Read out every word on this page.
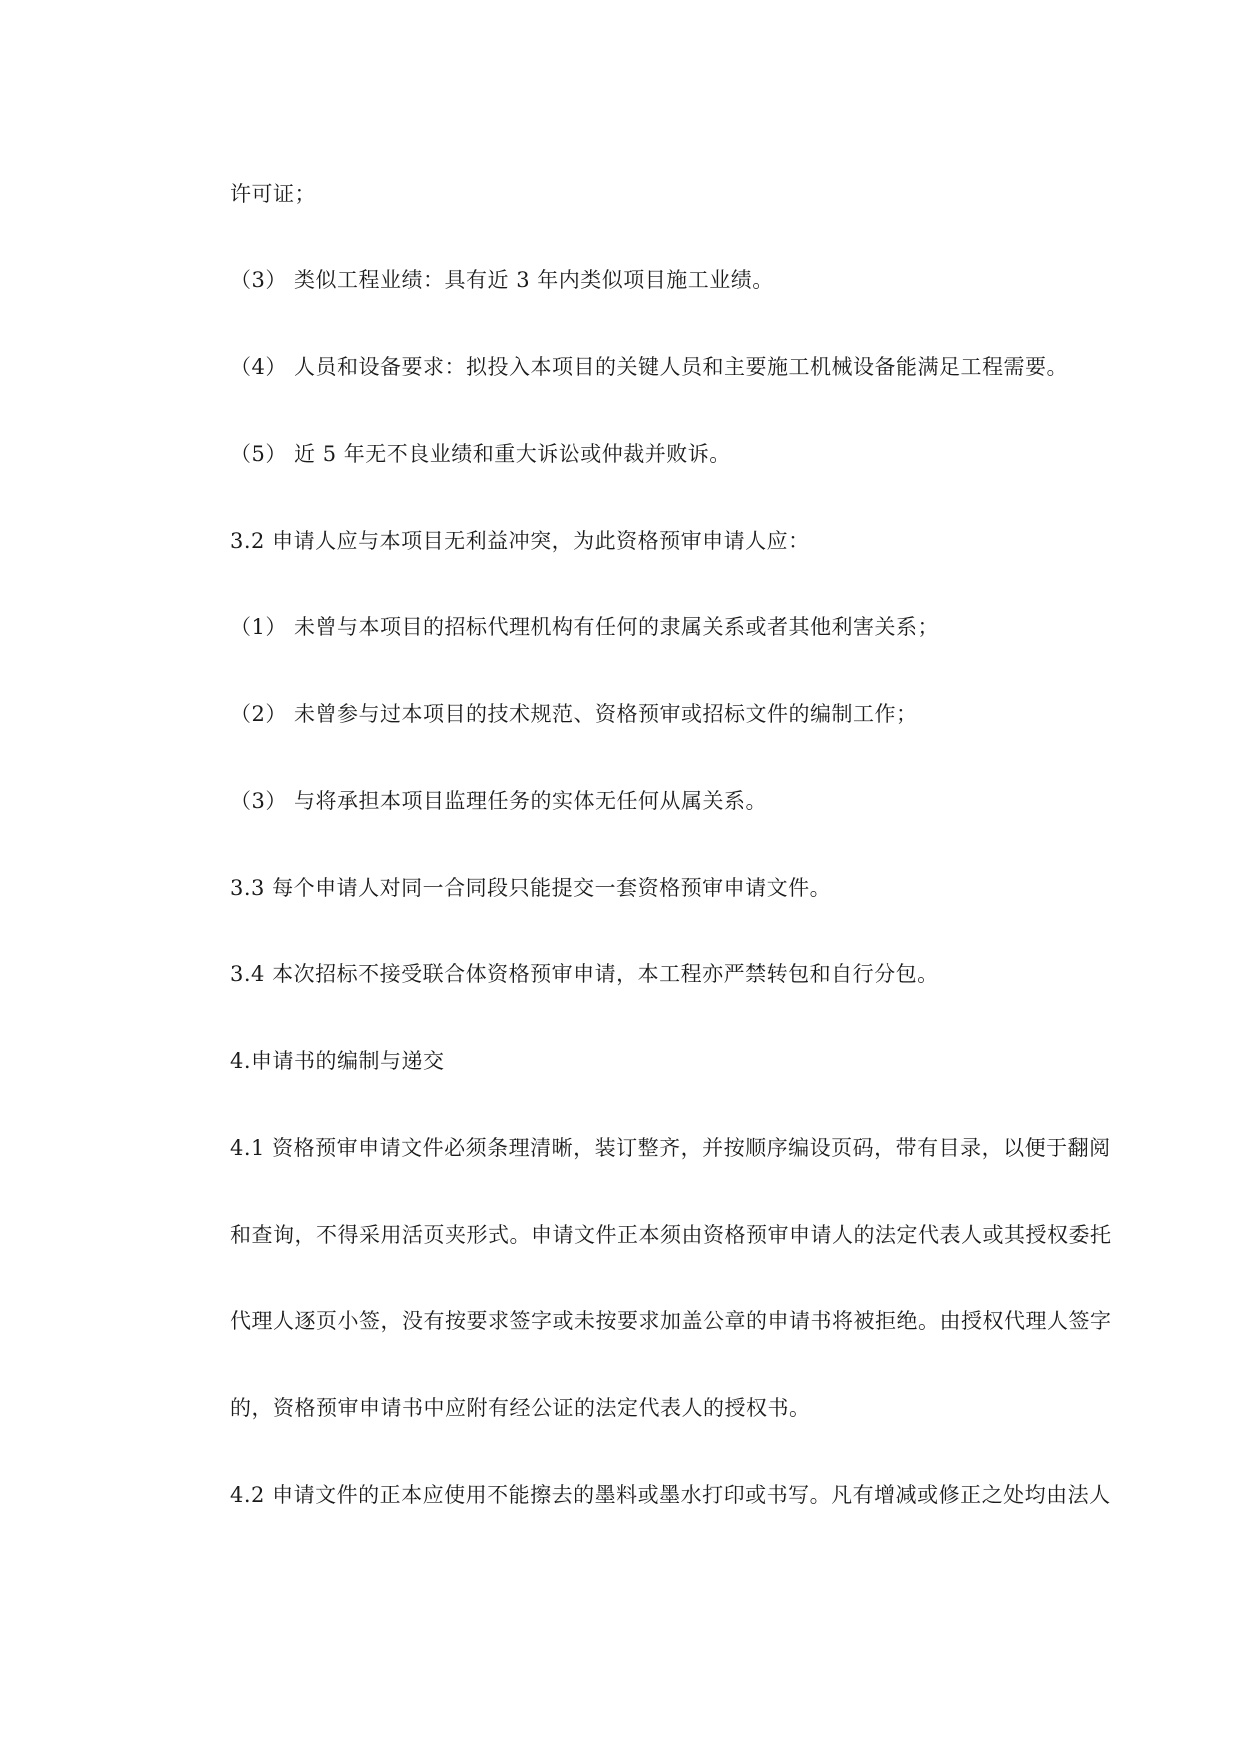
许可证；
（3） 类似工程业绩：具有近 3 年内类似项目施工业绩。
（4） 人员和设备要求：拟投入本项目的关键人员和主要施工机械设备能满足工程需要。
（5） 近 5 年无不良业绩和重大诉讼或仲裁并败诉。
3.2 申请人应与本项目无利益冲突，为此资格预审申请人应：
（1） 未曾与本项目的招标代理机构有任何的隶属关系或者其他利害关系；
（2） 未曾参与过本项目的技术规范、资格预审或招标文件的编制工作；
（3） 与将承担本项目监理任务的实体无任何从属关系。
3.3 每个申请人对同一合同段只能提交一套资格预审申请文件。
3.4 本次招标不接受联合体资格预审申请，本工程亦严禁转包和自行分包。
4.申请书的编制与递交
4.1 资格预审申请文件必须条理清晰，装订整齐，并按顺序编设页码，带有目录，以便于翻阅
和查询，不得采用活页夹形式。申请文件正本须由资格预审申请人的法定代表人或其授权委托
代理人逐页小签，没有按要求签字或未按要求加盖公章的申请书将被拒绝。由授权代理人签字
的，资格预审申请书中应附有经公证的法定代表人的授权书。
4.2 申请文件的正本应使用不能擦去的墨料或墨水打印或书写。凡有增减或修正之处均由法人
